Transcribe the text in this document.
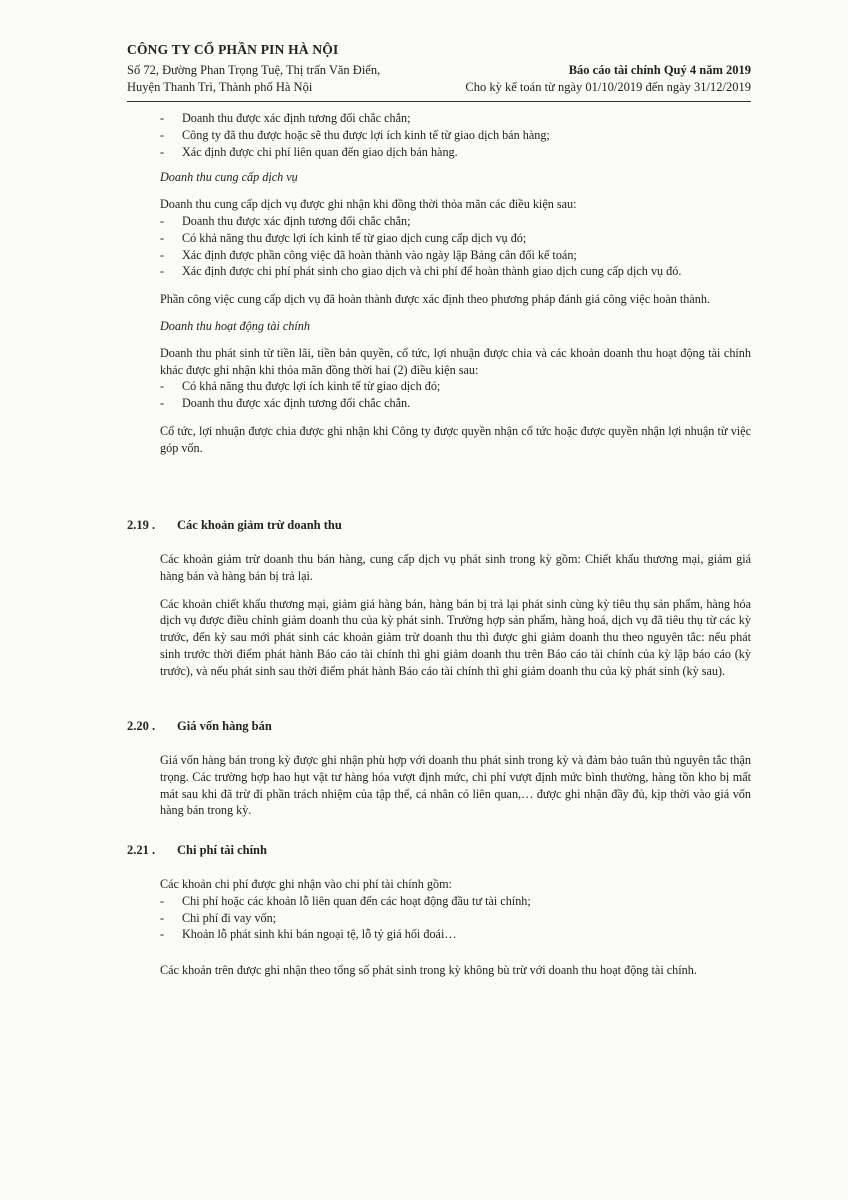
CÔNG TY CỔ PHẦN PIN HÀ NỘI
Số 72, Đường Phan Trọng Tuệ, Thị trấn Văn Điển,
Huyện Thanh Trì, Thành phố Hà Nội
Báo cáo tài chính Quý 4 năm 2019
Cho kỳ kế toán từ ngày 01/10/2019 đến ngày 31/12/2019
- Doanh thu được xác định tương đối chắc chắn;
- Công ty đã thu được hoặc sẽ thu được lợi ích kinh tế từ giao dịch bán hàng;
- Xác định được chi phí liên quan đến giao dịch bán hàng.

Doanh thu cung cấp dịch vụ

Doanh thu cung cấp dịch vụ được ghi nhận khi đồng thời thỏa mãn các điều kiện sau:

- Doanh thu được xác định tương đối chắc chắn;
- Có khả năng thu được lợi ích kinh tế từ giao dịch cung cấp dịch vụ đó;
- Xác định được phần công việc đã hoàn thành vào ngày lập Bảng cân đối kế toán;
- Xác định được chi phí phát sinh cho giao dịch và chi phí để hoàn thành giao dịch cung cấp dịch vụ đó.

Phần công việc cung cấp dịch vụ đã hoàn thành được xác định theo phương pháp đánh giá công việc hoàn thành.

Doanh thu hoạt động tài chính

Doanh thu phát sinh từ tiền lãi, tiền bản quyền, cổ tức, lợi nhuận được chia và các khoản doanh thu hoạt động tài chính khác được ghi nhận khi thỏa mãn đồng thời hai (2) điều kiện sau:

- Có khả năng thu được lợi ích kinh tế từ giao dịch đó;
- Doanh thu được xác định tương đối chắc chắn.

Cổ tức, lợi nhuận được chia được ghi nhận khi Công ty được quyền nhận cổ tức hoặc được quyền nhận lợi nhuận từ việc góp vốn.

2.19 . Các khoản giảm trừ doanh thu

Các khoản giảm trừ doanh thu bán hàng, cung cấp dịch vụ phát sinh trong kỳ gồm: Chiết khấu thương mại, giảm giá hàng bán và hàng bán bị trả lại.

Các khoản chiết khấu thương mại, giảm giá hàng bán, hàng bán bị trả lại phát sinh cùng kỳ tiêu thụ sản phẩm, hàng hóa dịch vụ được điều chỉnh giảm doanh thu của kỳ phát sinh. Trường hợp sản phẩm, hàng hoá, dịch vụ đã tiêu thụ từ các kỳ trước, đến kỳ sau mới phát sinh các khoản giảm trừ doanh thu thì được ghi giảm doanh thu theo nguyên tắc: nếu phát sinh trước thời điểm phát hành Báo cáo tài chính thì ghi giảm doanh thu trên Báo cáo tài chính của kỳ lập báo cáo (kỳ trước), và nếu phát sinh sau thời điểm phát hành Báo cáo tài chính thì ghi giảm doanh thu của kỳ phát sinh (kỳ sau).

2.20 . Giá vốn hàng bán

Giá vốn hàng bán trong kỳ được ghi nhận phù hợp với doanh thu phát sinh trong kỳ và đảm bảo tuân thủ nguyên tắc thận trọng. Các trường hợp hao hụt vật tư hàng hóa vượt định mức, chi phí vượt định mức bình thường, hàng tồn kho bị mất mát sau khi đã trừ đi phần trách nhiệm của tập thể, cá nhân có liên quan,… được ghi nhận đầy đủ, kịp thời vào giá vốn hàng bán trong kỳ.

2.21 . Chi phí tài chính

Các khoản chi phí được ghi nhận vào chi phí tài chính gồm:

- Chi phí hoặc các khoản lỗ liên quan đến các hoạt động đầu tư tài chính;
- Chi phí đi vay vốn;
- Khoản lỗ phát sinh khi bán ngoại tệ, lỗ tỷ giá hối đoái…

Các khoản trên được ghi nhận theo tổng số phát sinh trong kỳ không bù trừ với doanh thu hoạt động tài chính.
